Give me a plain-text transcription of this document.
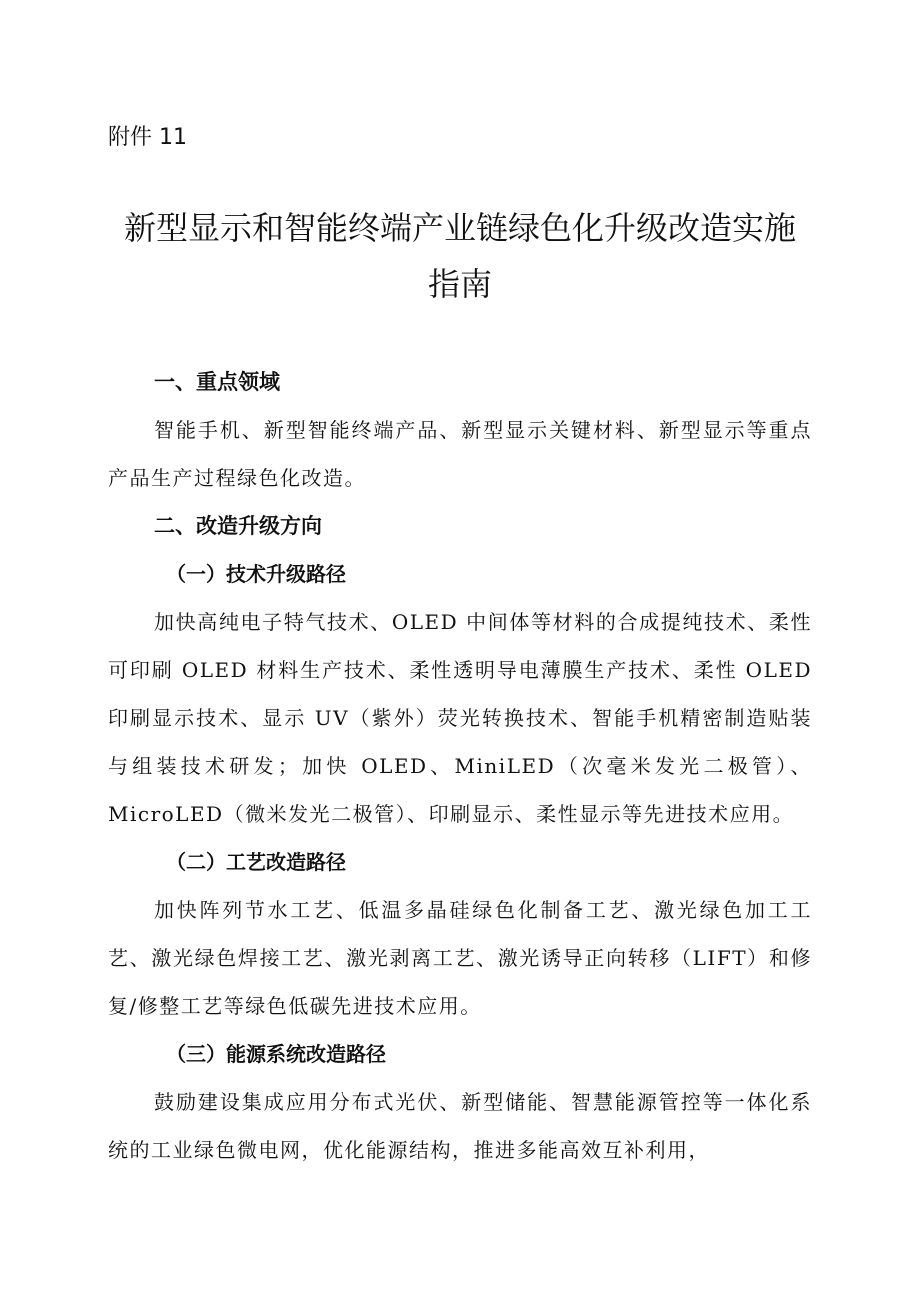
附件 11

新型显示和智能终端产业链绿色化升级改造实施
指南
一、重点领域

智能手机、新型智能终端产品、新型显示关键材料、新型显示等重点产品生产过程绿色化改造。

二、改造升级方向
（一）技术升级路径

加快高纯电子特气技术、OLED 中间体等材料的合成提纯技术、柔性可印刷 OLED 材料生产技术、柔性透明导电薄膜生产技术、柔性 OLED 印刷显示技术、显示 UV（紫外）荧光转换技术、智能手机精密制造贴装与组装技术研发；加快 OLED、MiniLED（次毫米发光二极管）、MicroLED（微米发光二极管）、印刷显示、柔性显示等先进技术应用。

（二）工艺改造路径

加快阵列节水工艺、低温多晶硅绿色化制备工艺、激光绿色加工工艺、激光绿色焊接工艺、激光剥离工艺、激光诱导正向转移（LIFT）和修复/修整工艺等绿色低碳先进技术应用。

（三）能源系统改造路径

鼓励建设集成应用分布式光伏、新型储能、智慧能源管控等一体化系统的工业绿色微电网，优化能源结构，推进多能高效互补利用，
